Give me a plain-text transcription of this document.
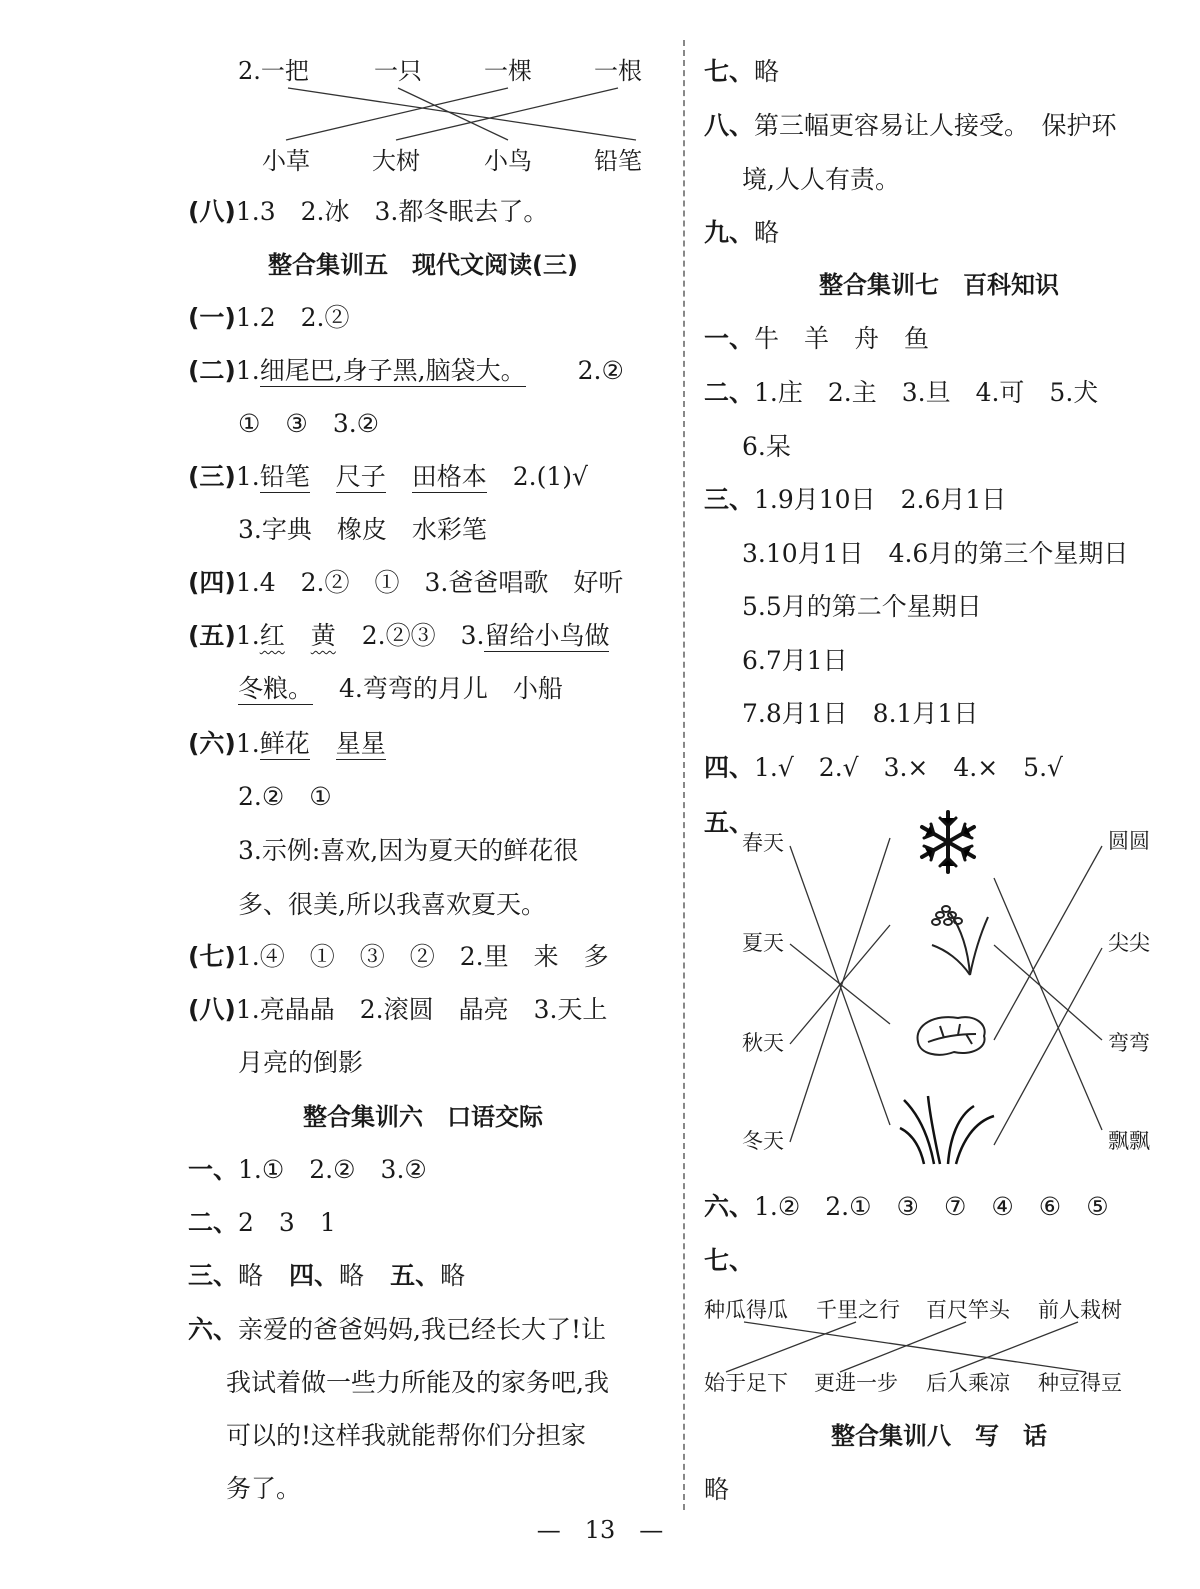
2.一把	一只	一棵	一根
小草	大树	小鸟	铅笔
(八)1.3　2.冰　3.都冬眠去了。
整合集训五　现代文阅读(三)
(一)1.2　2.②
(二)1.细尾巴,身子黑,脑袋大。 2.②
①　③　3.②
(三)1.铅笔 尺子 田格本 2.(1)√
3.字典　橡皮　水彩笔
(四)1.4　2.②　①　3.爸爸唱歌　好听
(五)1.红 黄 2.②③　3.留给小鸟做
冬粮。 4.弯弯的月儿　小船
(六)1.鲜花 星星
2.②　①
3.示例:喜欢,因为夏天的鲜花很
多、很美,所以我喜欢夏天。
(七)1.④　①　③　②　2.里　来　多
(八)1.亮晶晶　2.滚圆　晶亮　3.天上
月亮的倒影
整合集训六　口语交际
一、1.①　2.②　3.②
二、2　3　1
三、略 四、略 五、略
六、亲爱的爸爸妈妈,我已经长大了!让
我试着做一些力所能及的家务吧,我
可以的!这样我就能帮你们分担家
务了。
七、略
八、第三幅更容易让人接受。　保护环
境,人人有责。
九、略
整合集训七　百科知识
一、牛　羊　舟　鱼
二、1.庄　2.主　3.旦　4.可　5.犬
6.呆
三、1.9月10日　2.6月1日
3.10月1日　4.6月的第三个星期日
5.5月的第二个星期日
6.7月1日
7.8月1日　8.1月1日
四、1.√　2.√　3.×　4.×　5.√
五、
春天
夏天
秋天
冬天
圆圆
尖尖
弯弯
飘飘
六、1.②　2.①　③　⑦　④　⑥　⑤
七、
种瓜得瓜 千里之行 百尺竿头 前人栽树
始于足下 更进一步 后人乘凉 种豆得豆
整合集训八　写　话
略
—　13　—
